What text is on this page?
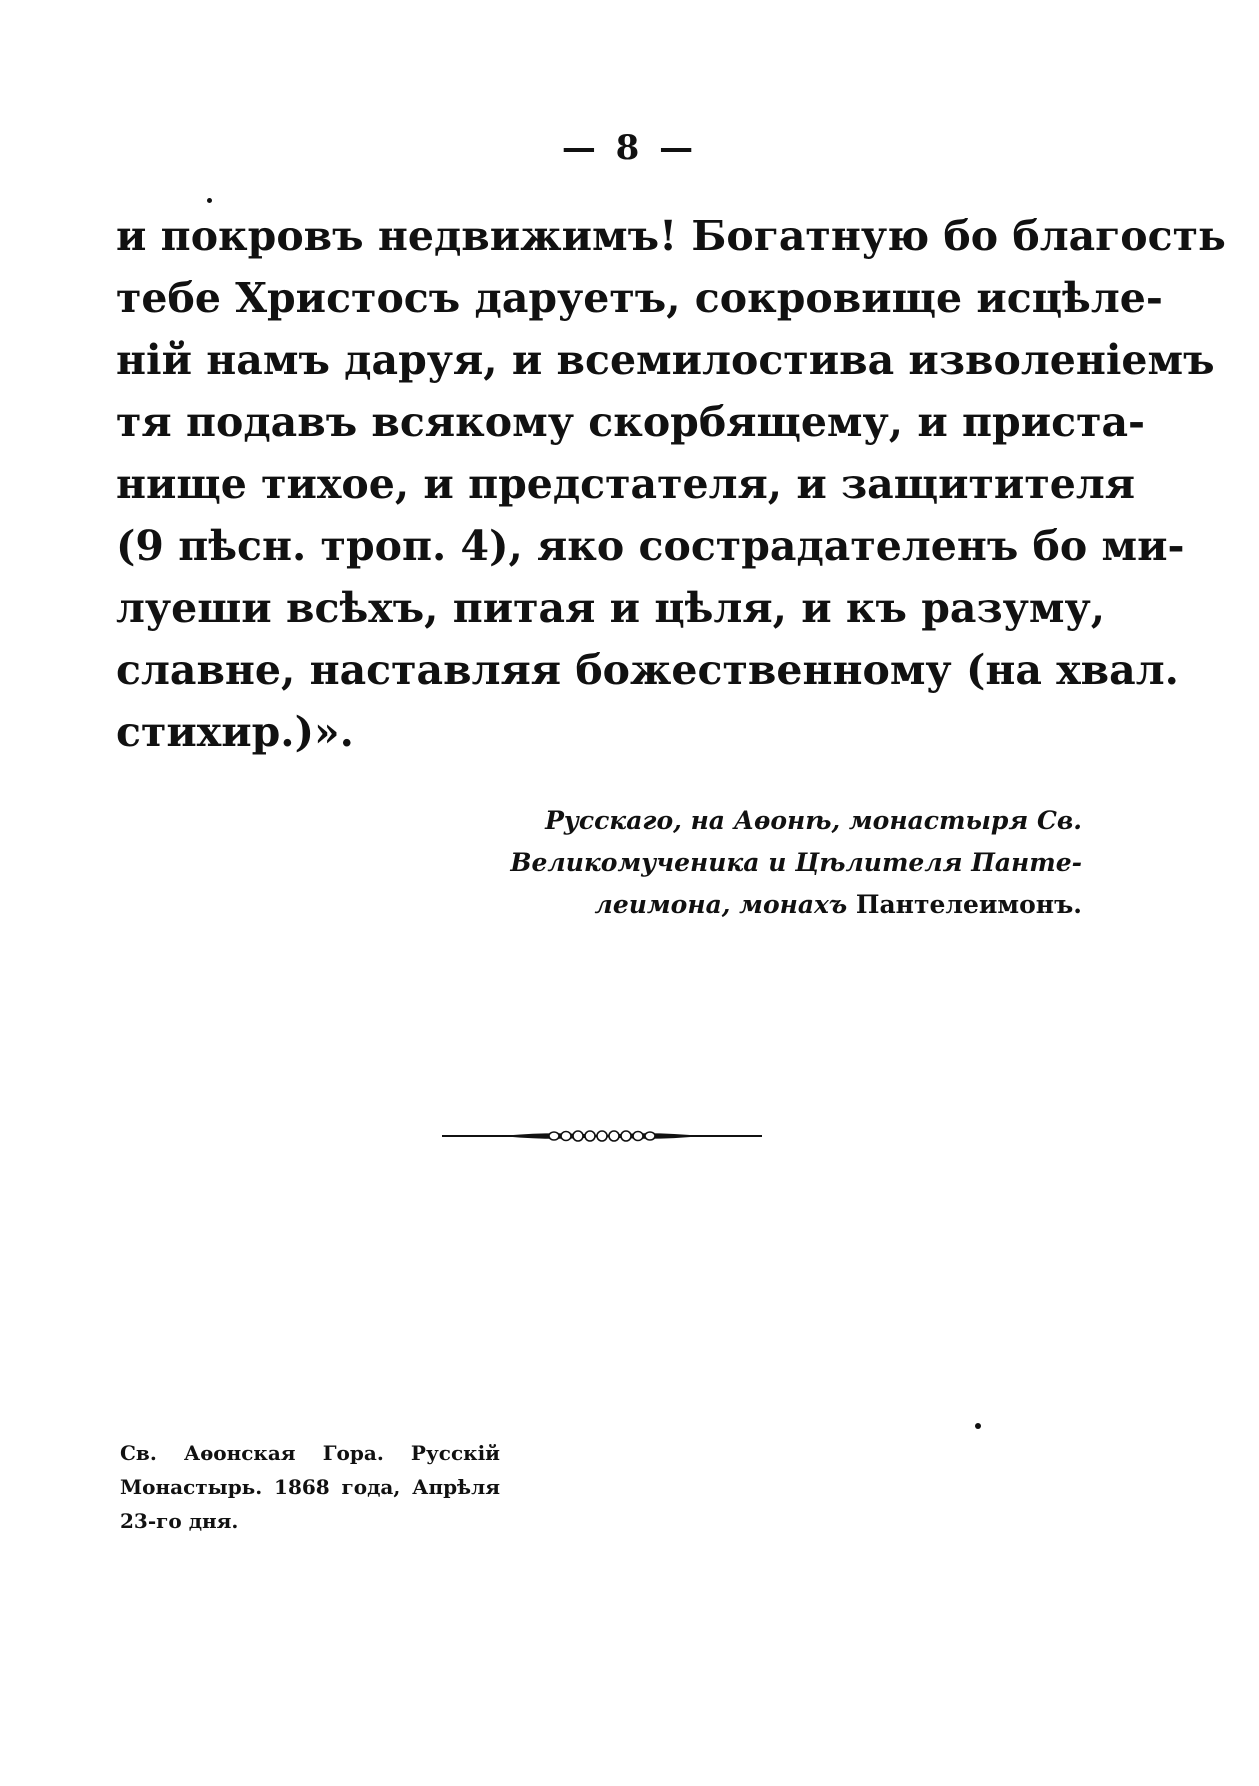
— 8 —
и покровъ недвижимъ! Богатную бо благость
тебе Христосъ даруетъ, сокровище исцѣле-
ній намъ даруя, и всемилостива изволеніемъ
тя подавъ всякому скорбящему, и приста-
нище тихое, и предстателя, и защитителя
(9 пѣсн. троп. 4), яко сострадателенъ бо ми-
луеши всѣхъ, питая и цѣля, и къ разуму,
славне, наставляя божественному (на хвал.
стихир.)».
Русскаго, на Аѳонѣ, монастыря Св.
Великомученика и Цѣлителя Панте-
леимона, монахъ Пантелеимонъ.
Св. Аѳонская Гора. Русскій
Монастырь. 1868 года, Апрѣля
23-го дня.
